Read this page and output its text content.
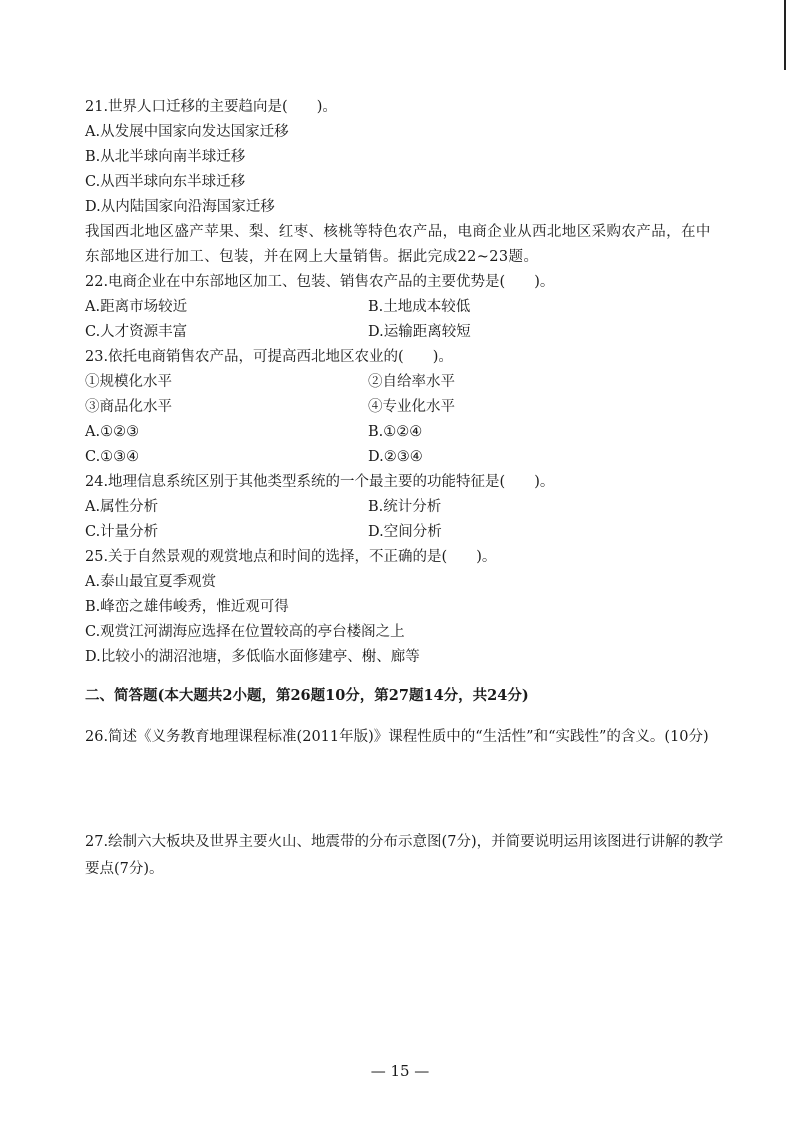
21.世界人口迁移的主要趋向是(　　)。
A.从发展中国家向发达国家迁移
B.从北半球向南半球迁移
C.从西半球向东半球迁移
D.从内陆国家向沿海国家迁移
我国西北地区盛产苹果、梨、红枣、核桃等特色农产品，电商企业从西北地区采购农产品，在中东部地区进行加工、包装，并在网上大量销售。据此完成22~23题。
22.电商企业在中东部地区加工、包装、销售农产品的主要优势是(　　)。
A.距离市场较近	B.土地成本较低
C.人才资源丰富	D.运输距离较短
23.依托电商销售农产品，可提高西北地区农业的(　　)。
①规模化水平	②自给率水平
③商品化水平	④专业化水平
A.①②③	B.①②④
C.①③④	D.②③④
24.地理信息系统区别于其他类型系统的一个最主要的功能特征是(　　)。
A.属性分析	B.统计分析
C.计量分析	D.空间分析
25.关于自然景观的观赏地点和时间的选择，不正确的是(　　)。
A.泰山最宜夏季观赏
B.峰峦之雄伟峻秀，惟近观可得
C.观赏江河湖海应选择在位置较高的亭台楼阁之上
D.比较小的湖沼池塘，多低临水面修建亭、榭、廊等
二、简答题(本大题共2小题，第26题10分，第27题14分，共24分)
26.简述《义务教育地理课程标准(2011年版)》课程性质中的“生活性”和“实践性”的含义。(10分)
27.绘制六大板块及世界主要火山、地震带的分布示意图(7分)，并简要说明运用该图进行讲解的教学要点(7分)。
— 15 —
